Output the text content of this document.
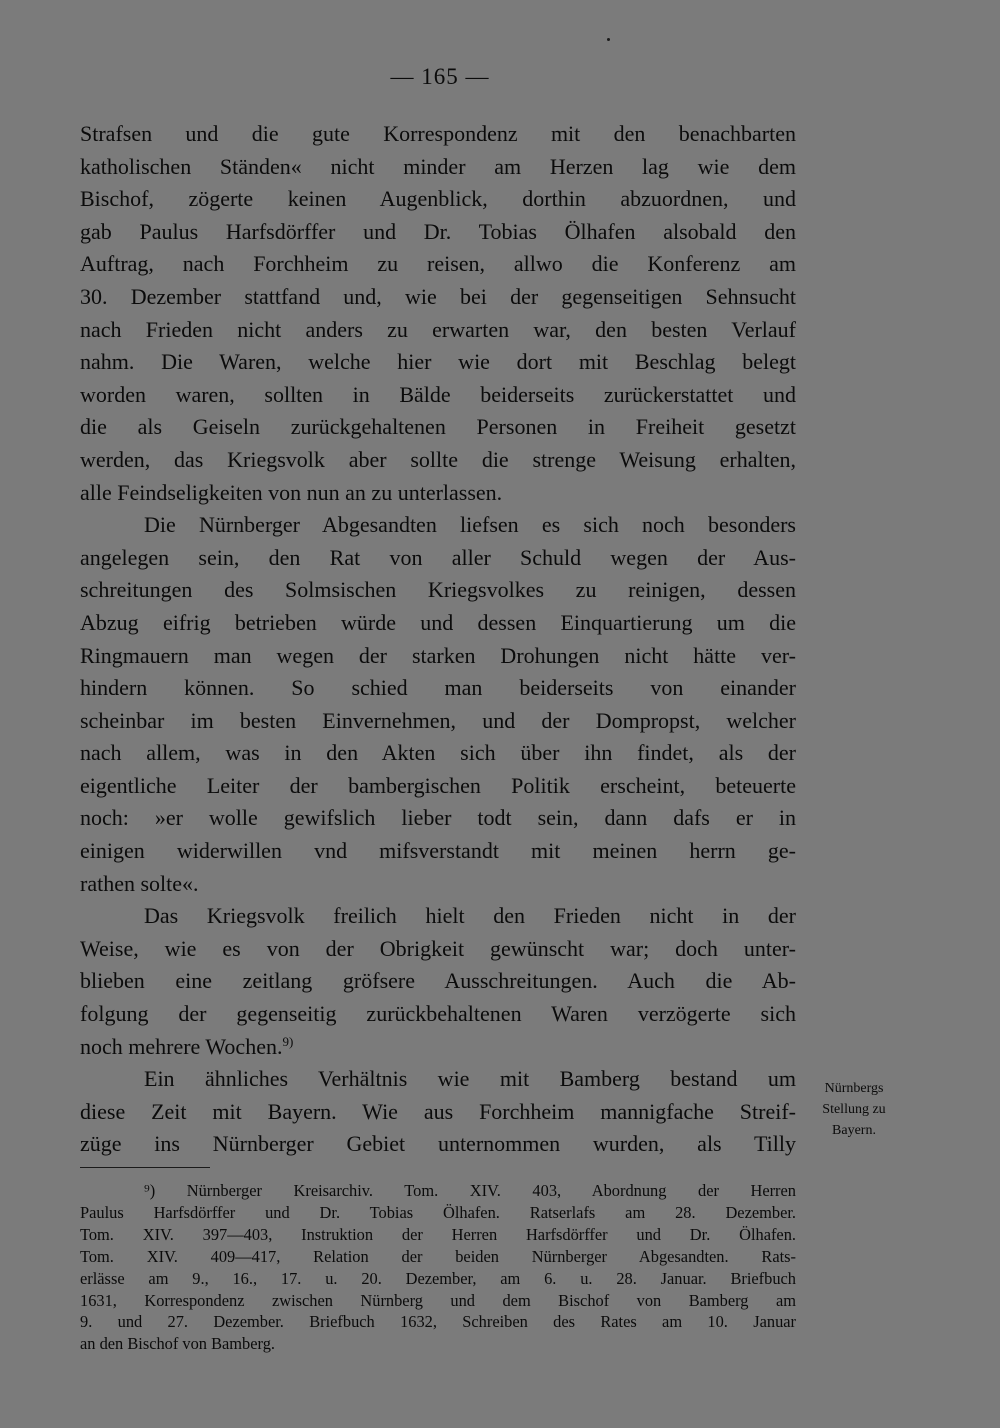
— 165 —
Strafsen und die gute Korrespondenz mit den benachbarten
katholischen Ständen« nicht minder am Herzen lag wie dem
Bischof, zögerte keinen Augenblick, dorthin abzuordnen, und
gab Paulus Harfsdörffer und Dr. Tobias Ölhafen alsobald den
Auftrag, nach Forchheim zu reisen, allwo die Konferenz am
30. Dezember stattfand und, wie bei der gegenseitigen Sehnsucht
nach Frieden nicht anders zu erwarten war, den besten Verlauf
nahm. Die Waren, welche hier wie dort mit Beschlag belegt
worden waren, sollten in Bälde beiderseits zurückerstattet und
die als Geiseln zurückgehaltenen Personen in Freiheit gesetzt
werden, das Kriegsvolk aber sollte die strenge Weisung erhalten,
alle Feindseligkeiten von nun an zu unterlassen.
Die Nürnberger Abgesandten liefsen es sich noch besonders
angelegen sein, den Rat von aller Schuld wegen der Aus-
schreitungen des Solmsischen Kriegsvolkes zu reinigen, dessen
Abzug eifrig betrieben würde und dessen Einquartierung um die
Ringmauern man wegen der starken Drohungen nicht hätte ver-
hindern können. So schied man beiderseits von einander
scheinbar im besten Einvernehmen, und der Dompropst, welcher
nach allem, was in den Akten sich über ihn findet, als der
eigentliche Leiter der bambergischen Politik erscheint, beteuerte
noch: »er wolle gewifslich lieber todt sein, dann dafs er in
einigen widerwillen vnd mifsverstandt mit meinen herrn ge-
rathen solte«.
Das Kriegsvolk freilich hielt den Frieden nicht in der
Weise, wie es von der Obrigkeit gewünscht war; doch unter-
blieben eine zeitlang gröfsere Ausschreitungen. Auch die Ab-
folgung der gegenseitig zurückbehaltenen Waren verzögerte sich
noch mehrere Wochen.$^{9)}$
Ein ähnliches Verhältnis wie mit Bamberg bestand um
diese Zeit mit Bayern. Wie aus Forchheim mannigfache Streif-
züge ins Nürnberger Gebiet unternommen wurden, als Tilly
Nürnbergs
Stellung zu
Bayern.
⁹) Nürnberger Kreisarchiv. Tom. XIV. 403, Abordnung der Herren
Paulus Harfsdörffer und Dr. Tobias Ölhafen. Ratserlafs am 28. Dezember.
Tom. XIV. 397—403, Instruktion der Herren Harfsdörffer und Dr. Ölhafen.
Tom. XIV. 409—417, Relation der beiden Nürnberger Abgesandten. Rats-
erlässe am 9., 16., 17. u. 20. Dezember, am 6. u. 28. Januar. Briefbuch
1631, Korrespondenz zwischen Nürnberg und dem Bischof von Bamberg am
9. und 27. Dezember. Briefbuch 1632, Schreiben des Rates am 10. Januar
an den Bischof von Bamberg.
